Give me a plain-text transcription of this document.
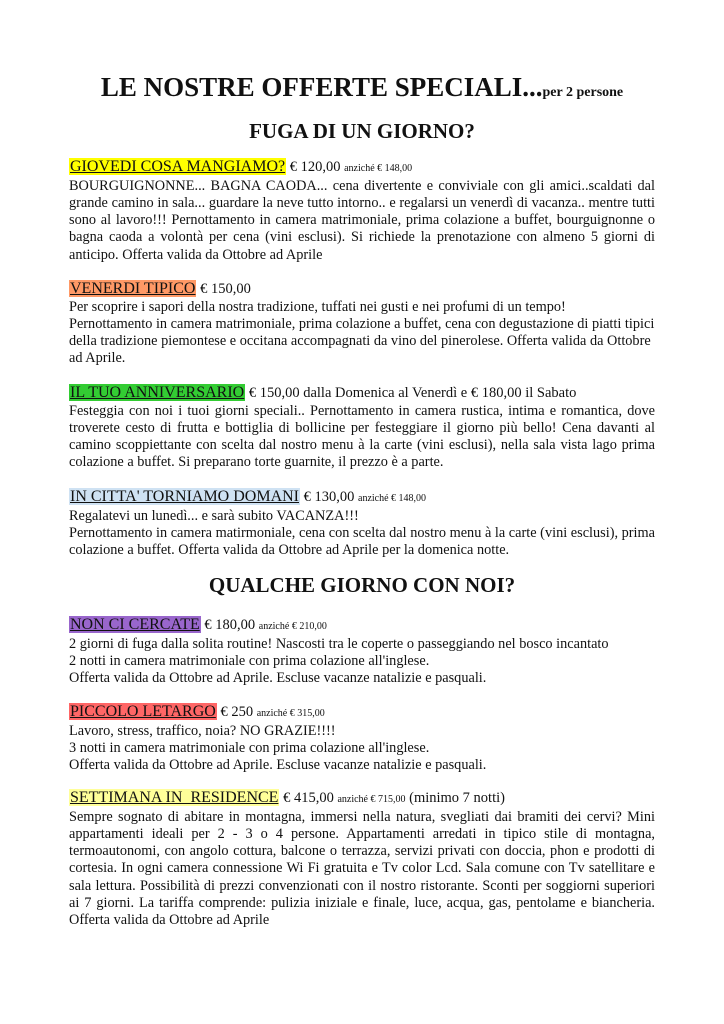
LE NOSTRE OFFERTE SPECIALI...per 2 persone
FUGA DI UN GIORNO?
GIOVEDI COSA MANGIAMO? € 120,00 anziché € 148,00

BOURGUIGNONNE... BAGNA CAODA... cena divertente e conviviale con gli amici..scaldati dal grande camino in sala... guardare la neve tutto intorno.. e regalarsi un venerdì di vacanza.. mentre tutti sono al lavoro!!! Pernottamento in camera matrimoniale, prima colazione a buffet, bourguignonne o bagna caoda a volontà per cena (vini esclusi). Si richiede la prenotazione con almeno 5 giorni di anticipo. Offerta valida da Ottobre ad Aprile

VENERDI TIPICO € 150,00

Per scoprire i sapori della nostra tradizione, tuffati nei gusti e nei profumi di un tempo!
Pernottamento in camera matrimoniale, prima colazione a buffet, cena con degustazione di piatti tipici della tradizione piemontese e occitana accompagnati da vino del pinerolese. Offerta valida da Ottobre ad Aprile.

IL TUO ANNIVERSARIO € 150,00 dalla Domenica al Venerdì e € 180,00 il Sabato

Festeggia con noi i tuoi giorni speciali.. Pernottamento in camera rustica, intima e romantica, dove troverete cesto di frutta e bottiglia di bollicine per festeggiare il giorno più bello! Cena davanti al camino scoppiettante con scelta dal nostro menu à la carte (vini esclusi), nella sala vista lago prima colazione a buffet. Si preparano torte guarnite, il prezzo è a parte.

IN CITTA' TORNIAMO DOMANI € 130,00 anziché € 148,00

Regalatevi un lunedì... e sarà subito VACANZA!!!
Pernottamento in camera matirmoniale, cena con scelta dal nostro menu à la carte (vini esclusi), prima colazione a buffet. Offerta valida da Ottobre ad Aprile per la domenica notte.

QUALCHE GIORNO CON NOI?
NON CI CERCATE € 180,00 anziché € 210,00

2 giorni di fuga dalla solita routine! Nascosti tra le coperte o passeggiando nel bosco incantato
2 notti in camera matrimoniale con prima colazione all'inglese.
Offerta valida da Ottobre ad Aprile. Escluse vacanze natalizie e pasquali.

PICCOLO LETARGO € 250 anziché € 315,00

Lavoro, stress, traffico, noia? NO GRAZIE!!!!
3 notti in camera matrimoniale con prima colazione all'inglese.
Offerta valida da Ottobre ad Aprile. Escluse vacanze natalizie e pasquali.

SETTIMANA IN  RESIDENCE € 415,00 anziché € 715,00 (minimo 7 notti)

Sempre sognato di abitare in montagna, immersi nella natura, svegliati dai bramiti dei cervi? Mini appartamenti ideali per 2 - 3 o 4 persone. Appartamenti arredati in tipico stile di montagna, termoautonomi, con angolo cottura, balcone o terrazza, servizi privati con doccia, phon e prodotti di cortesia. In ogni camera connessione Wi Fi gratuita e Tv color Lcd. Sala comune con Tv satellitare e sala lettura. Possibilità di prezzi convenzionati con il nostro ristorante. Sconti per soggiorni superiori ai 7 giorni. La tariffa comprende: pulizia iniziale e finale, luce, acqua, gas, pentolame e biancheria. Offerta valida da Ottobre ad Aprile
